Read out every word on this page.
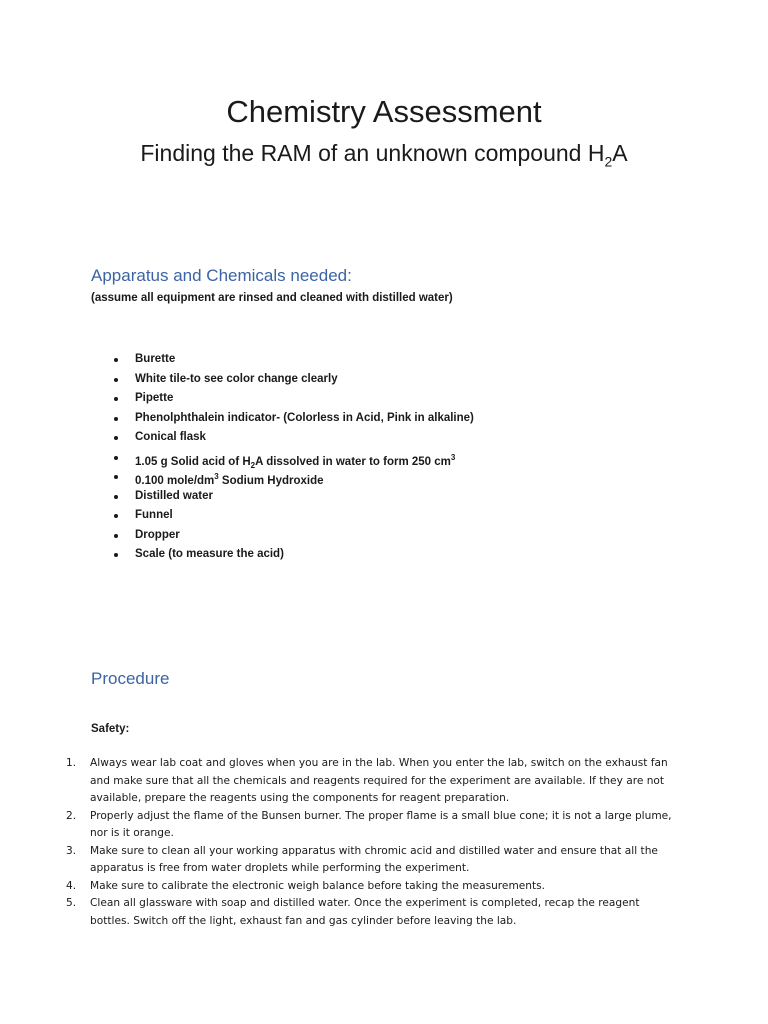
Chemistry Assessment
Finding the RAM of an unknown compound $H_2A$
Apparatus and Chemicals needed:
(assume all equipment are rinsed and cleaned with distilled water)
Burette
White tile-to see color change clearly
Pipette
Phenolphthalein indicator- (Colorless in Acid, Pink in alkaline)
Conical flask
1.05 g Solid acid of $H_2A$ dissolved in water to form 250 $cm^3$
0.100 mole/$dm^3$ Sodium Hydroxide
Distilled water
Funnel
Dropper
Scale (to measure the acid)
Procedure
Safety:
1. Always wear lab coat and gloves when you are in the lab. When you enter the lab, switch on the exhaust fan and make sure that all the chemicals and reagents required for the experiment are available. If they are not available, prepare the reagents using the components for reagent preparation.
2. Properly adjust the flame of the Bunsen burner. The proper flame is a small blue cone; it is not a large plume, nor is it orange.
3. Make sure to clean all your working apparatus with chromic acid and distilled water and ensure that all the apparatus is free from water droplets while performing the experiment.
4. Make sure to calibrate the electronic weigh balance before taking the measurements.
5. Clean all glassware with soap and distilled water. Once the experiment is completed, recap the reagent bottles. Switch off the light, exhaust fan and gas cylinder before leaving the lab.
